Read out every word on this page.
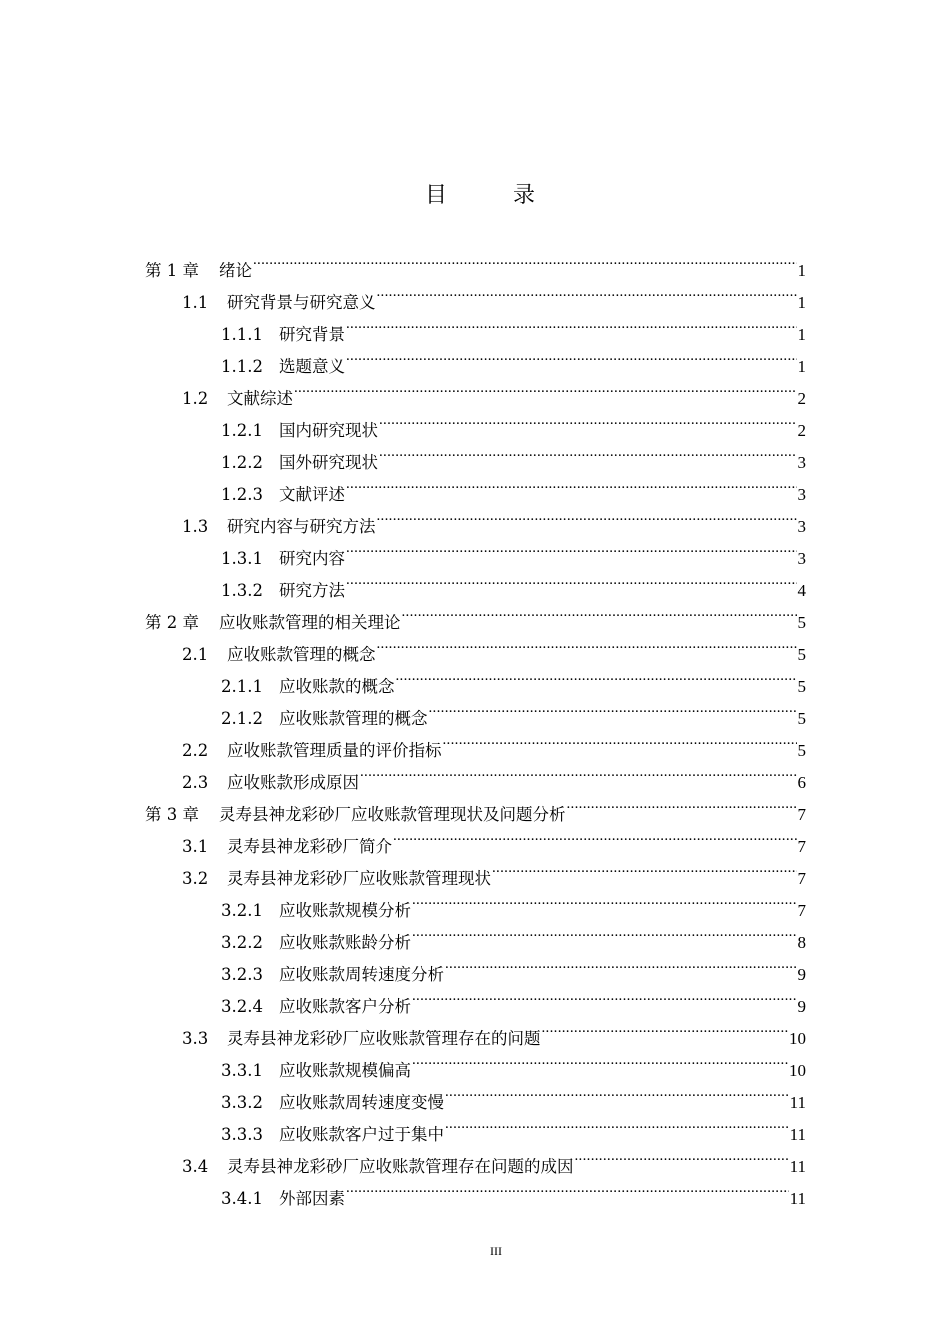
目　录
第 1 章	绪论 .....	1
1.1	研究背景与研究意义 .....	1
1.1.1 研究背景 .....	1
1.1.2 选题意义 .....	1
1.2	文献综述 .....	2
1.2.1 国内研究现状 .....	2
1.2.2 国外研究现状 .....	3
1.2.3 文献评述 .....	3
1.3	研究内容与研究方法 .....	3
1.3.1 研究内容 .....	3
1.3.2 研究方法 .....	4
第 2 章	应收账款管理的相关理论 .....	5
2.1	应收账款管理的概念 .....	5
2.1.1 应收账款的概念 .....	5
2.1.2 应收账款管理的概念 .....	5
2.2	应收账款管理质量的评价指标 .....	5
2.3	应收账款形成原因 .....	6
第 3 章	灵寿县神龙彩砂厂应收账款管理现状及问题分析 .....	7
3.1	灵寿县神龙彩砂厂简介 .....	7
3.2	灵寿县神龙彩砂厂应收账款管理现状 .....	7
3.2.1 应收账款规模分析 .....	7
3.2.2 应收账款账龄分析 .....	8
3.2.3 应收账款周转速度分析 .....	9
3.2.4 应收账款客户分析 .....	9
3.3	灵寿县神龙彩砂厂应收账款管理存在的问题 .....	10
3.3.1 应收账款规模偏高 .....	10
3.3.2 应收账款周转速度变慢 .....	11
3.3.3 应收账款客户过于集中 .....	11
3.4	灵寿县神龙彩砂厂应收账款管理存在问题的成因 .....	11
3.4.1 外部因素 .....	11
III
